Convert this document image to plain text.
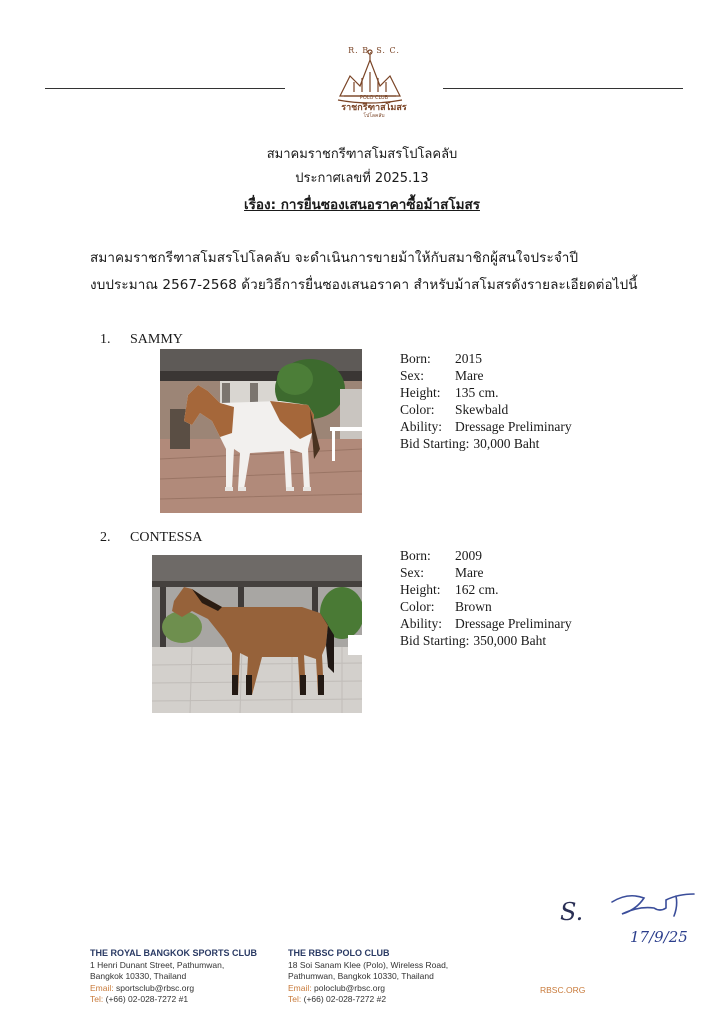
R. B. S. C.
POLO CLUB
ราชกรีฑาสโมสร
โปโลคลับ
สมาคมราชกรีฑาสโมสรโปโลคลับ
ประกาศเลขที่ 2025.13
เรื่อง: การยื่นซองเสนอราคาซื้อม้าสโมสร
สมาคมราชกรีฑาสโมสรโปโลคลับ จะดำเนินการขายม้าให้กับสมาชิกผู้สนใจประจำปี
งบประมาณ 2567-2568 ด้วยวิธีการยื่นซองเสนอราคา สำหรับม้าสโมสรดังรายละเอียดต่อไปนี้
1. SAMMY
Born: 2015
Sex: Mare
Height: 135 cm.
Color: Skewbald
Ability: Dressage Preliminary
Bid Starting: 30,000 Baht
2. CONTESSA
Born: 2009
Sex: Mare
Height: 162 cm.
Color: Brown
Ability: Dressage Preliminary
Bid Starting: 350,000 Baht
S.
17/9/25
THE ROYAL BANGKOK SPORTS CLUB
1 Henri Dunant Street, Pathumwan,
Bangkok 10330, Thailand
Email: sportsclub@rbsc.org
Tel: (+66) 02-028-7272 #1
THE RBSC POLO CLUB
18 Soi Sanam Klee (Polo), Wireless Road,
Pathumwan, Bangkok 10330, Thailand
Email: poloclub@rbsc.org
Tel: (+66) 02-028-7272 #2
RBSC.ORG
